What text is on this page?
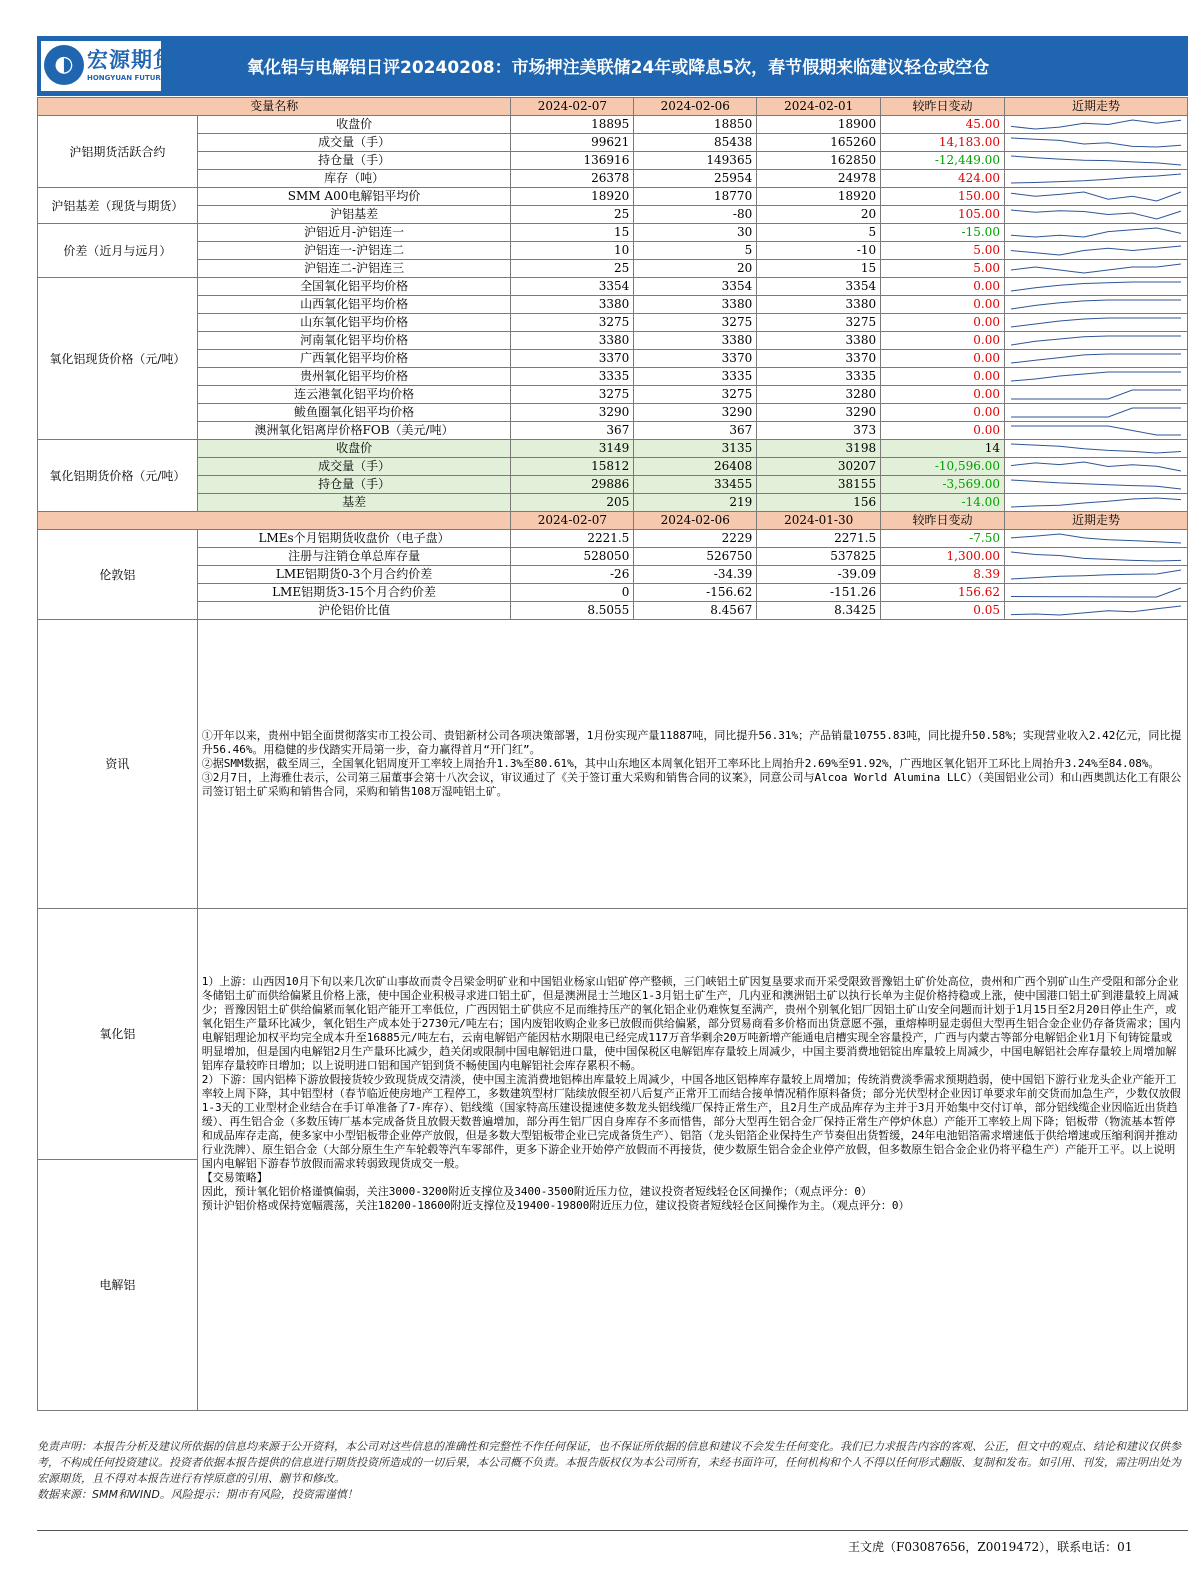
◐ 宏源期货
HONGYUAN FUTURES	氧化铝与电解铝日评20240208：市场押注美联储24年或降息5次，春节假期来临建议轻仓或空仓
变量名称		2024-02-07	2024-02-06	2024-02-01	较昨日变动	近期走势
沪铝期货活跃合约	收盘价	18895	18850	18900	45.00	

	成交量（手）	99621	85438	165260	14,183.00	

	持仓量（手）	136916	149365	162850	-12,449.00	

	库存（吨）	26378	25954	24978	424.00	

沪铝基差（现货与期货）	SMM A00电解铝平均价	18920	18770	18920	150.00	

	沪铝基差	25	-80	20	105.00	

价差（近月与远月）	沪铝近月-沪铝连一	15	30	5	-15.00	

	沪铝连一-沪铝连二	10	5	-10	5.00	

	沪铝连二-沪铝连三	25	20	15	5.00	

氧化铝现货价格（元/吨）	全国氧化铝平均价格	3354	3354	3354	0.00	

	山西氧化铝平均价格	3380	3380	3380	0.00	

	山东氧化铝平均价格	3275	3275	3275	0.00	

	河南氧化铝平均价格	3380	3380	3380	0.00	

	广西氧化铝平均价格	3370	3370	3370	0.00	

	贵州氧化铝平均价格	3335	3335	3335	0.00	

	连云港氧化铝平均价格	3275	3275	3280	0.00	

	鲅鱼圈氧化铝平均价格	3290	3290	3290	0.00	

	澳洲氧化铝离岸价格FOB（美元/吨）	367	367	373	0.00	

氧化铝期货价格（元/吨）	收盘价	3149	3135	3198	14	

	成交量（手）	15812	26408	30207	-10,596.00	

	持仓量（手）	29886	33455	38155	-3,569.00	

	基差	205	219	156	-14.00	

		2024-02-07	2024-02-06	2024-01-30	较昨日变动	近期走势
伦敦铝	LMEs个月铝期货收盘价（电子盘）	2221.5	2229	2271.5	-7.50	

	注册与注销仓单总库存量	528050	526750	537825	1,300.00	

	LME铝期货0-3个月合约价差	-26	-34.39	-39.09	8.39	

	LME铝期货3-15个月合约价差	0	-156.62	-151.26	156.62	

	沪伦铝价比值	8.5055	8.4567	8.3425	0.05	

资讯	①开年以来，贵州中铝全面贯彻落实市工投公司、贵铝新材公司各项决策部署，1月份实现产量11887吨，同比提升56.31%；产品销量10755.83吨，同比提升50.58%；实现营业收入2.42亿元，同比提升56.46%。用稳健的步伐踏实开局第一步，奋力赢得首月“开门红”。
②据SMM数据，截至周三，全国氧化铝周度开工率较上周抬升1.3%至80.61%，其中山东地区本周氧化铝开工率环比上周抬升2.69%至91.92%，广西地区氧化铝开工环比上周抬升3.24%至84.08%。
③2月7日，上海雅仕表示，公司第三届董事会第十八次会议，审议通过了《关于签订重大采购和销售合同的议案》，同意公司与Alcoa World Alumina LLC）（美国铝业公司）和山西奥凯达化工有限公司签订铝土矿采购和销售合同，采购和销售108万湿吨铝土矿。					

氧化铝	1）上游：山西因10月下旬以来几次矿山事故而责令吕梁金明矿业和中国铝业杨家山铝矿停产整顿，三门峡铝土矿因复垦要求而开采受限致晋豫铝土矿价处高位，贵州和广西个别矿山生产受阻和部分企业冬储铝土矿而供给偏紧且价格上涨，使中国企业积极寻求进口铝土矿，但是澳洲昆士兰地区1-3月铝土矿生产，几内亚和澳洲铝土矿以执行长单为主促价格持稳或上涨，使中国港口铝土矿到港量较上周减少；晋豫因铝土矿供给偏紧而氧化铝产能开工率低位，广西因铝土矿供应不足而维持压产的氧化铝企业仍难恢复至满产，贵州个别氧化铝厂因铝土矿山安全问题而计划于1月15日至2月20日停止生产，或氧化铝生产量环比减少，氧化铝生产成本处于2730元/吨左右；国内废铝收购企业多已放假而供给偏紧，部分贸易商看多价格而出货意愿不强，重熔棒明显走弱但大型再生铝合金企业仍存备货需求；国内电解铝理论加权平均完全成本升至16885元/吨左右，云南电解铝产能因枯水期限电已经完成117万音华剩余20万吨新增产能通电启槽实现全容量投产，广西与内蒙古等部分电解铝企业1月下旬铸锭量或明显增加，但是国内电解铝2月生产量环比减少，趋关闭或限制中国电解铝进口量，使中国保税区电解铝库存量较上周减少，中国主要消费地铝锭出库量较上周减少，中国电解铝社会库存量较上周增加解铝库存量较昨日增加；以上说明进口铝和国产铝到货不畅使国内电解铝社会库存累积不畅。
2）下游：国内铝棒下游放假接货较少致现货成交清淡，使中国主流消费地铝棒出库量较上周减少，中国各地区铝棒库存量较上周增加；传统消费淡季需求预期趋弱，使中国铝下游行业龙头企业产能开工率较上周下降，其中铝型材（春节临近使房地产工程停工，多数建筑型材厂陆续放假至初八后复产正常开工而结合接单情况稍作原料备货；部分光伏型材企业因订单要求年前交货而加急生产，少数仅放假1-3天的工业型材企业结合在手订单准备了7-库存）、铝线缆（国家特高压建设提速使多数龙头铝线缆厂保持正常生产，且2月生产成品库存为主并于3月开始集中交付订单，部分铝线缆企业因临近出货趋缓）、再生铝合金（多数压铸厂基本完成备货且放假天数普遍增加，部分再生铝厂因自身库存不多而惜售，部分大型再生铝合金厂保持正常生产停炉休息）产能开工率较上周下降；铝板带（物流基本暂停和成品库存走高，使多家中小型铝板带企业停产放假，但是多数大型铝板带企业已完成备货生产）、铝箔（龙头铝箔企业保持生产节奏但出货暂缓，24年电池铝箔需求增速低于供给增速或压缩利润并推动行业洗牌）、原生铝合金（大部分原生生产车轮毂等汽车零部件，更多下游企业开始停产放假而不再接货，使少数原生铝合金企业停产放假，但多数原生铝合金企业仍将平稳生产）产能开工平。以上说明国内电解铝下游春节放假而需求转弱致现货成交一般。
【交易策略】
因此，预计氧化铝价格谨慎偏弱，关注3000-3200附近支撑位及3400-3500附近压力位，建议投资者短线轻仓区间操作；（观点评分：0）
预计沪铝价格或保持宽幅震荡，关注18200-18600附近支撑位及19400-19800附近压力位，建议投资者短线轻仓区间操作为主。（观点评分：0）					

电解铝						
免责声明：本报告分析及建议所依据的信息均来源于公开资料，本公司对这些信息的准确性和完整性不作任何保证，也不保证所依据的信息和建议不会发生任何变化。我们已力求报告内容的客观、公正，但文中的观点、结论和建议仅供参考，不构成任何投资建议。投资者依据本报告提供的信息进行期货投资所造成的一切后果，本公司概不负责。本报告版权仅为本公司所有，未经书面许可，任何机构和个人不得以任何形式翻版、复制和发布。如引用、刊发，需注明出处为宏源期货，且不得对本报告进行有悖原意的引用、删节和修改。
数据来源：SMM和WIND。风险提示：期市有风险，投资需谨慎！
王文虎（F03087656，Z0019472），联系电话：01
